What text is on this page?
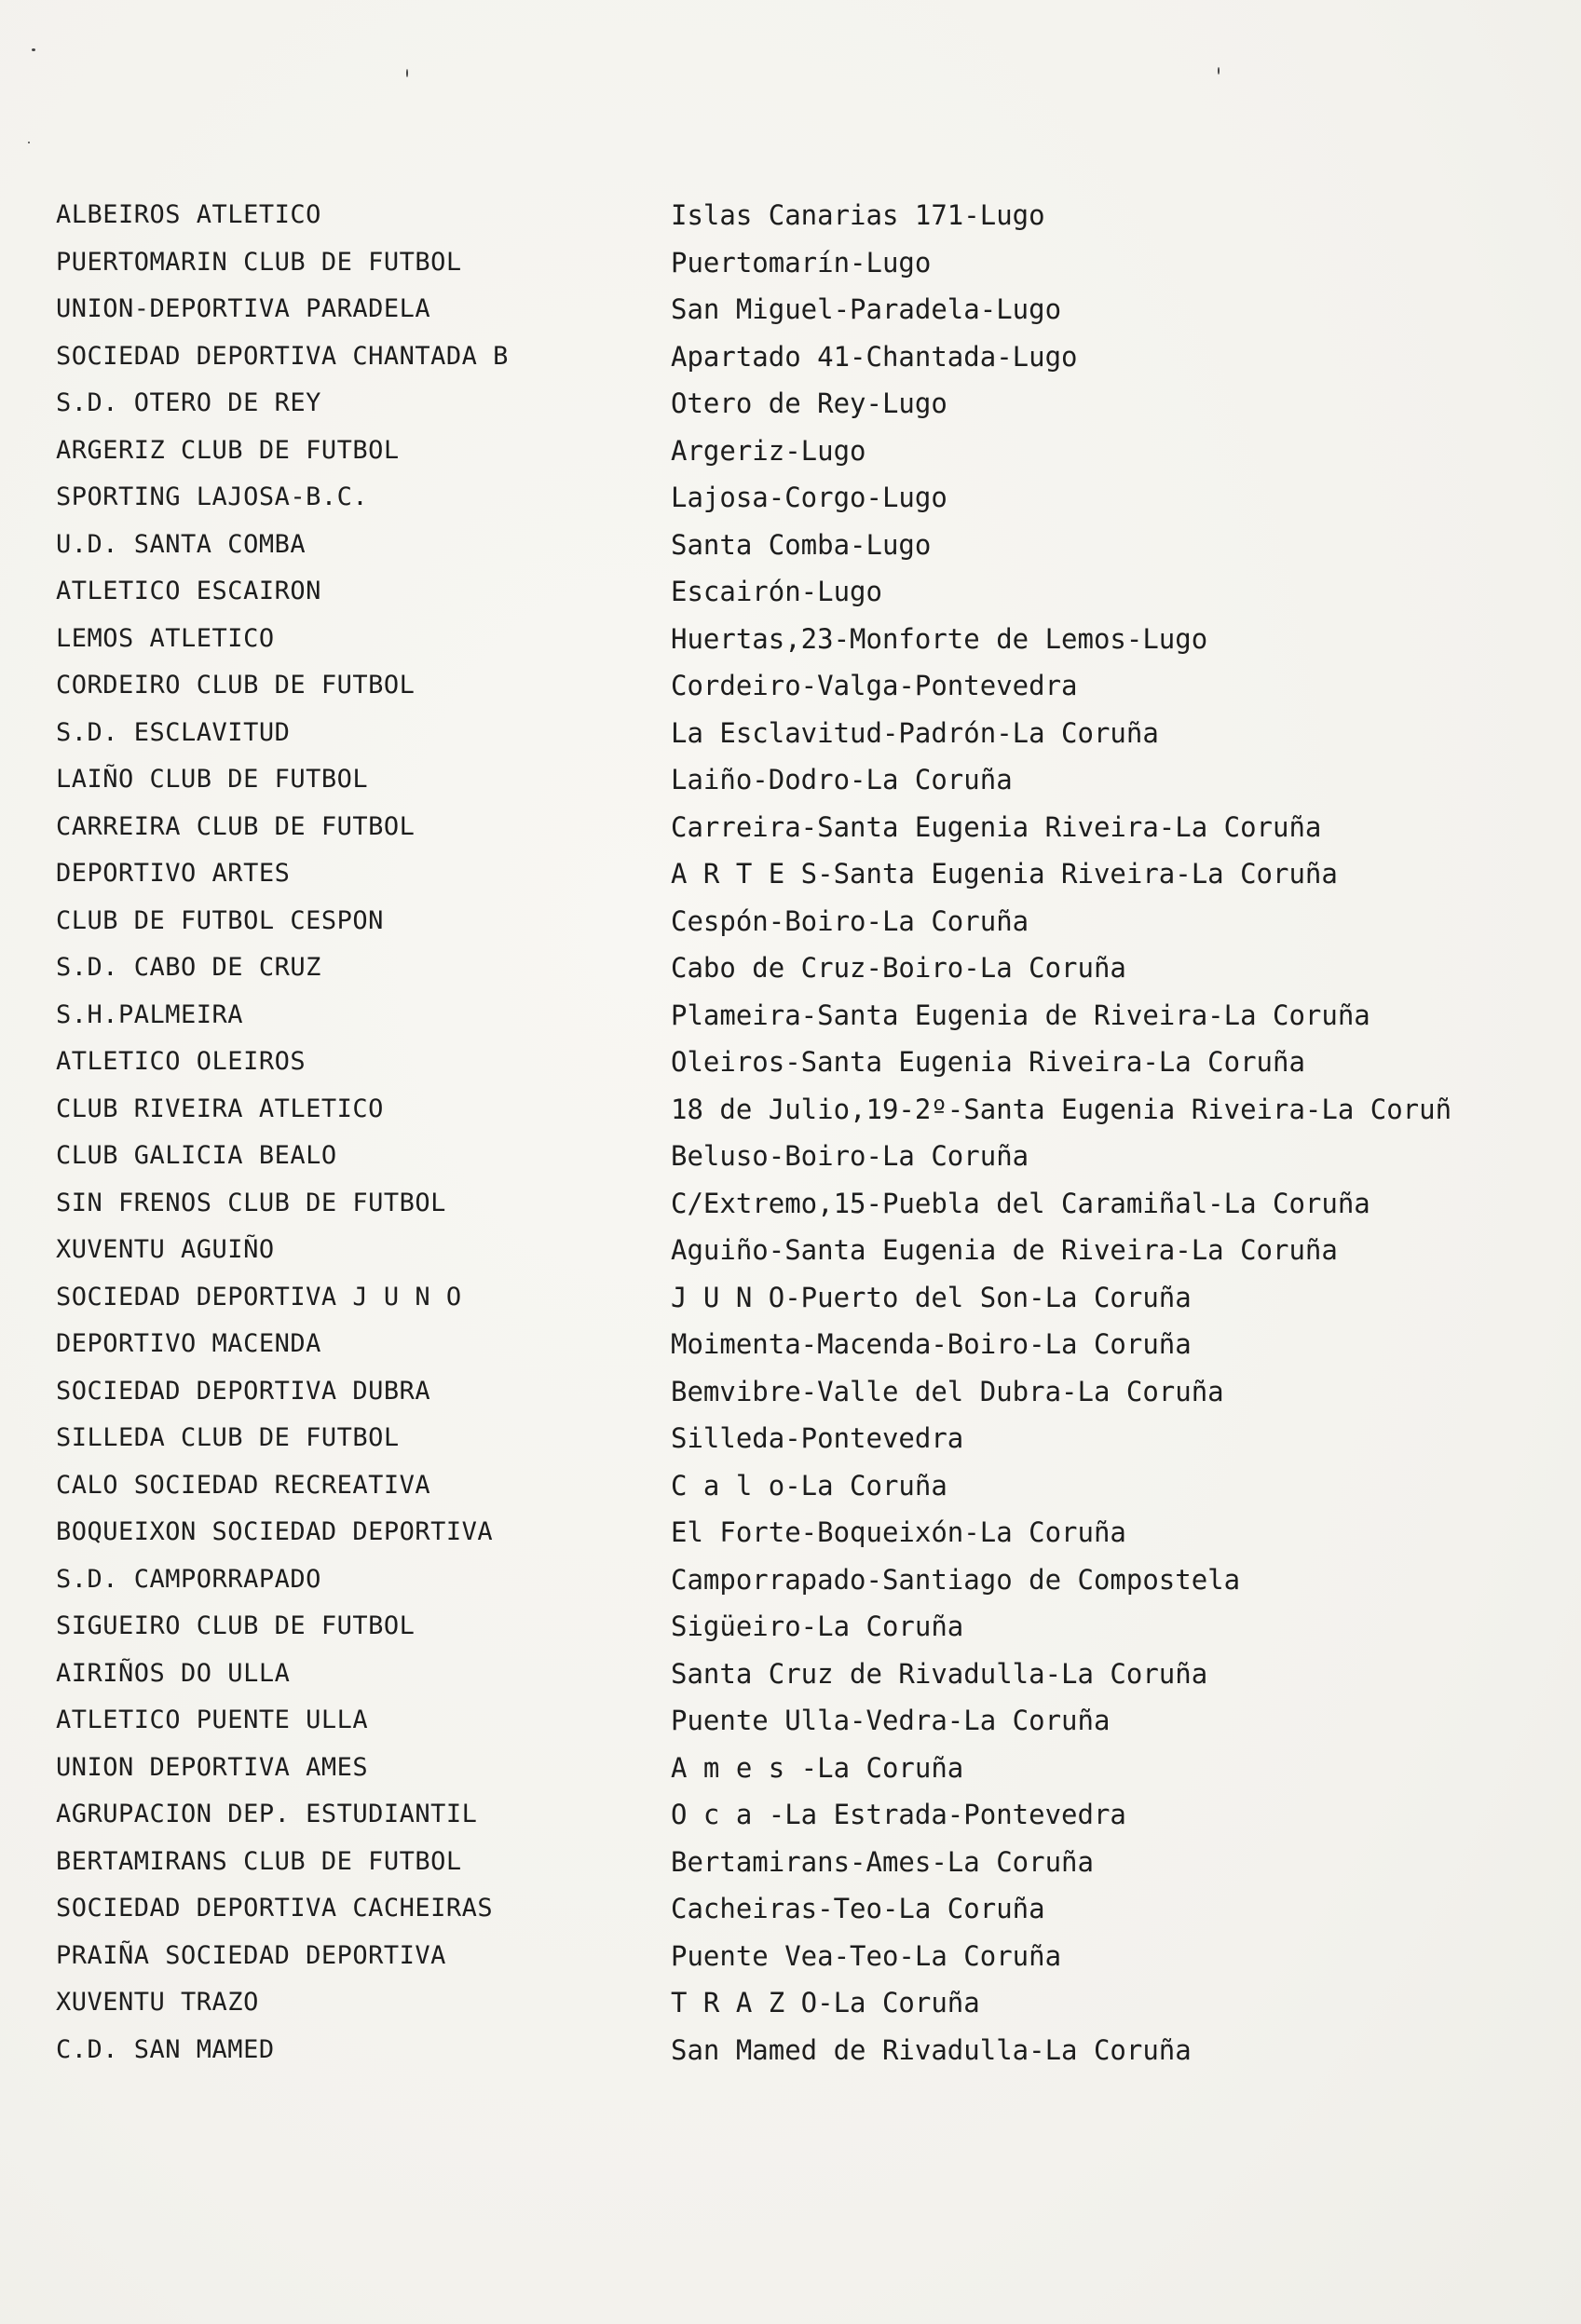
ALBEIROS ATLETICO	Islas Canarias 171-Lugo
PUERTOMARIN CLUB DE FUTBOL	Puertomarín-Lugo
UNION-DEPORTIVA PARADELA	San Miguel-Paradela-Lugo
SOCIEDAD DEPORTIVA CHANTADA B	Apartado 41-Chantada-Lugo
S.D. OTERO DE REY	Otero de Rey-Lugo
ARGERIZ CLUB DE FUTBOL	Argeriz-Lugo
SPORTING LAJOSA-B.C.	Lajosa-Corgo-Lugo
U.D. SANTA COMBA	Santa Comba-Lugo
ATLETICO ESCAIRON	Escairón-Lugo
LEMOS ATLETICO	Huertas,23-Monforte de Lemos-Lugo
CORDEIRO CLUB DE FUTBOL	Cordeiro-Valga-Pontevedra
S.D. ESCLAVITUD	La Esclavitud-Padrón-La Coruña
LAIÑO CLUB DE FUTBOL	Laiño-Dodro-La Coruña
CARREIRA CLUB DE FUTBOL	Carreira-Santa Eugenia Riveira-La Coruña
DEPORTIVO ARTES	A R T E S-Santa Eugenia Riveira-La Coruña
CLUB DE FUTBOL CESPON	Cespón-Boiro-La Coruña
S.D. CABO DE CRUZ	Cabo de Cruz-Boiro-La Coruña
S.H.PALMEIRA	Plameira-Santa Eugenia de Riveira-La Coruña
ATLETICO OLEIROS	Oleiros-Santa Eugenia Riveira-La Coruña
CLUB RIVEIRA ATLETICO	18 de Julio,19-2º-Santa Eugenia Riveira-La Coruñ
CLUB GALICIA BEALO	Beluso-Boiro-La Coruña
SIN FRENOS CLUB DE FUTBOL	C/Extremo,15-Puebla del Caramiñal-La Coruña
XUVENTU AGUIÑO	Aguiño-Santa Eugenia de Riveira-La Coruña
SOCIEDAD DEPORTIVA J U N O	J U N O-Puerto del Son-La Coruña
DEPORTIVO MACENDA	Moimenta-Macenda-Boiro-La Coruña
SOCIEDAD DEPORTIVA DUBRA	Bemvibre-Valle del Dubra-La Coruña
SILLEDA CLUB DE FUTBOL	Silleda-Pontevedra
CALO SOCIEDAD RECREATIVA	C a l o-La Coruña
BOQUEIXON SOCIEDAD DEPORTIVA	El Forte-Boqueixón-La Coruña
S.D. CAMPORRAPADO	Camporrapado-Santiago de Compostela
SIGUEIRO CLUB DE FUTBOL	Sigüeiro-La Coruña
AIRIÑOS DO ULLA	Santa Cruz de Rivadulla-La Coruña
ATLETICO PUENTE ULLA	Puente Ulla-Vedra-La Coruña
UNION DEPORTIVA AMES	A m e s -La Coruña
AGRUPACION DEP. ESTUDIANTIL	O c a -La Estrada-Pontevedra
BERTAMIRANS CLUB DE FUTBOL	Bertamirans-Ames-La Coruña
SOCIEDAD DEPORTIVA CACHEIRAS	Cacheiras-Teo-La Coruña
PRAIÑA SOCIEDAD DEPORTIVA	Puente Vea-Teo-La Coruña
XUVENTU TRAZO	T R A Z O-La Coruña
C.D. SAN MAMED	San Mamed de Rivadulla-La Coruña
